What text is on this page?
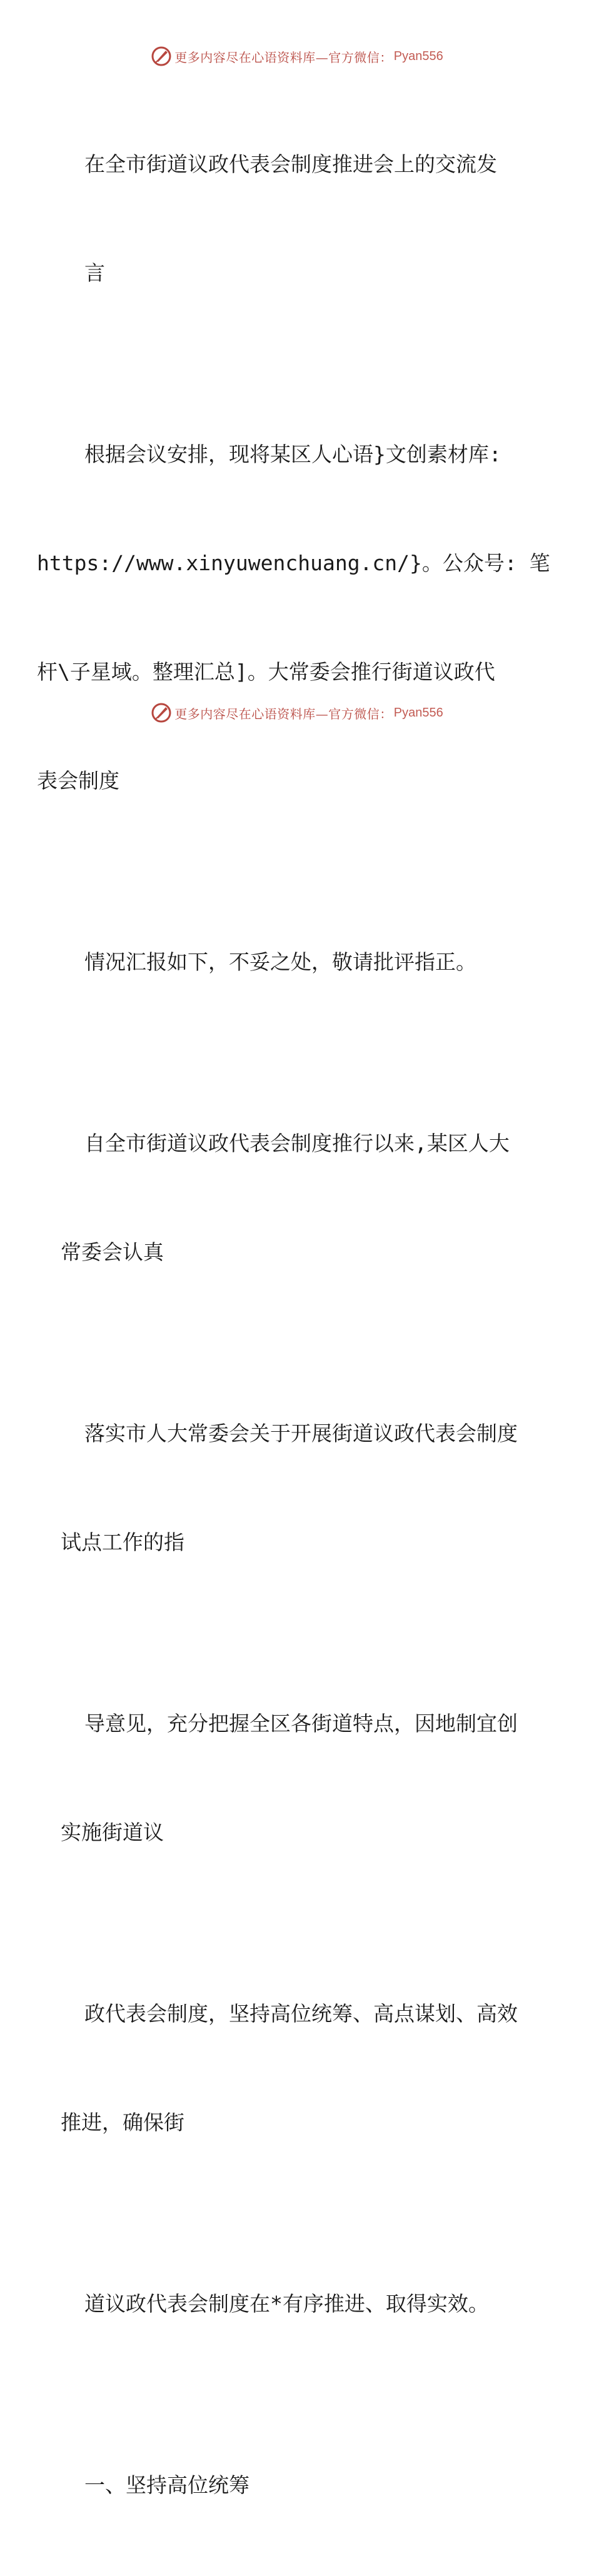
更多内容尽在心语资料库—官方微信： Pyan556

在全市街道议政代表会制度推进会上的交流发

言

根据会议安排，现将某区人心语}文创素材库:

https://www.xinyuwenchuang.cn/}。公众号: 笔

杆\子星域。整理汇总]。大常委会推行街道议政代

表会制度

情况汇报如下，不妥之处，敬请批评指正。

自全市街道议政代表会制度推行以来,某区人大

常委会认真

落实市人大常委会关于开展街道议政代表会制度

试点工作的指

导意见，充分把握全区各街道特点，因地制宜创

实施街道议

政代表会制度，坚持高位统筹、高点谋划、高效

推进，确保街

道议政代表会制度在*有序推进、取得实效。

一、坚持高位统筹

更多内容尽在心语资料库—官方微信： Pyan556
